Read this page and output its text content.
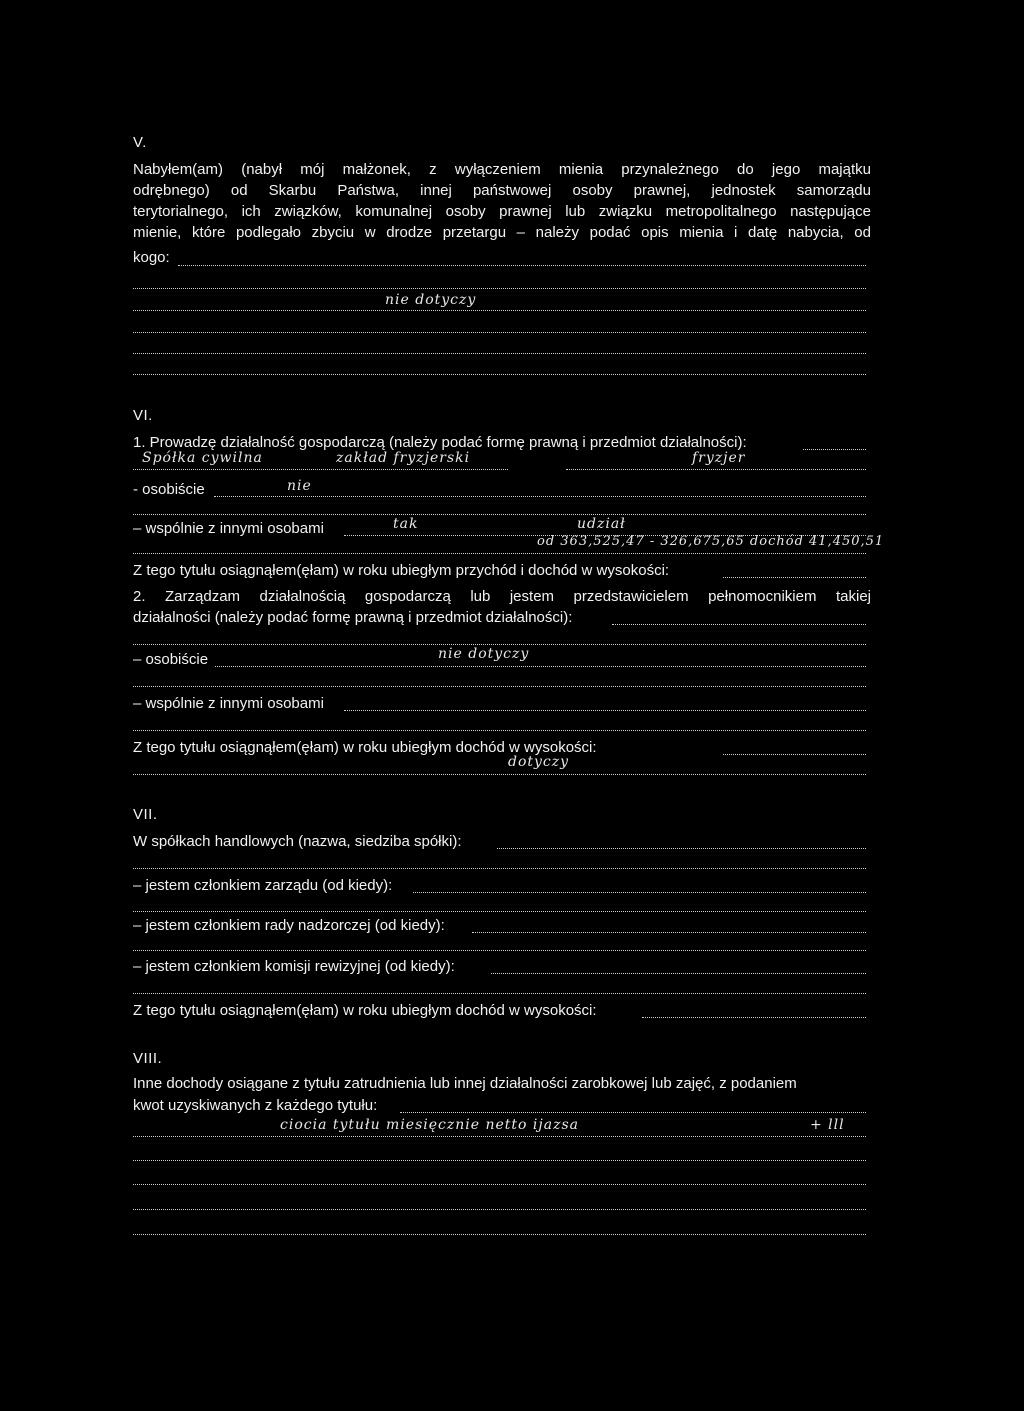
V.
Nabyłem(am) (nabył mój małżonek, z wyłączeniem mienia przynależnego do jego majątku
odrębnego) od Skarbu Państwa, innej państwowej osoby prawnej, jednostek samorządu
terytorialnego, ich związków, komunalnej osoby prawnej lub związku metropolitalnego następujące
mienie, które podlegało zbyciu w drodze przetargu – należy podać opis mienia i datę nabycia, od
kogo:
nie dotyczy
VI.
1. Prowadzę działalność gospodarczą (należy podać formę prawną i przedmiot działalności):
Spółka cywilna	zakład fryzjerski	fryzjer
- osobiście	nie
– wspólnie z innymi osobami	tak	udział
od 363,525,47 - 326,675,65 dochód 41,450,51
Z tego tytułu osiągnąłem(ęłam) w roku ubiegłym przychód i dochód w wysokości:
2. Zarządzam działalnością gospodarczą lub jestem przedstawicielem pełnomocnikiem takiej
działalności (należy podać formę prawną i przedmiot działalności):
– osobiście	nie dotyczy
– wspólnie z innymi osobami
Z tego tytułu osiągnąłem(ęłam) w roku ubiegłym dochód w wysokości:
dotyczy
VII.
W spółkach handlowych (nazwa, siedziba spółki):
– jestem członkiem zarządu (od kiedy):
– jestem członkiem rady nadzorczej (od kiedy):
– jestem członkiem komisji rewizyjnej (od kiedy):
Z tego tytułu osiągnąłem(ęłam) w roku ubiegłym dochód w wysokości:
VIII.
Inne dochody osiągane z tytułu zatrudnienia lub innej działalności zarobkowej lub zajęć, z podaniem
kwot uzyskiwanych z każdego tytułu:
ciocia tytułu miesięcznie netto ijazsa	+ lll
